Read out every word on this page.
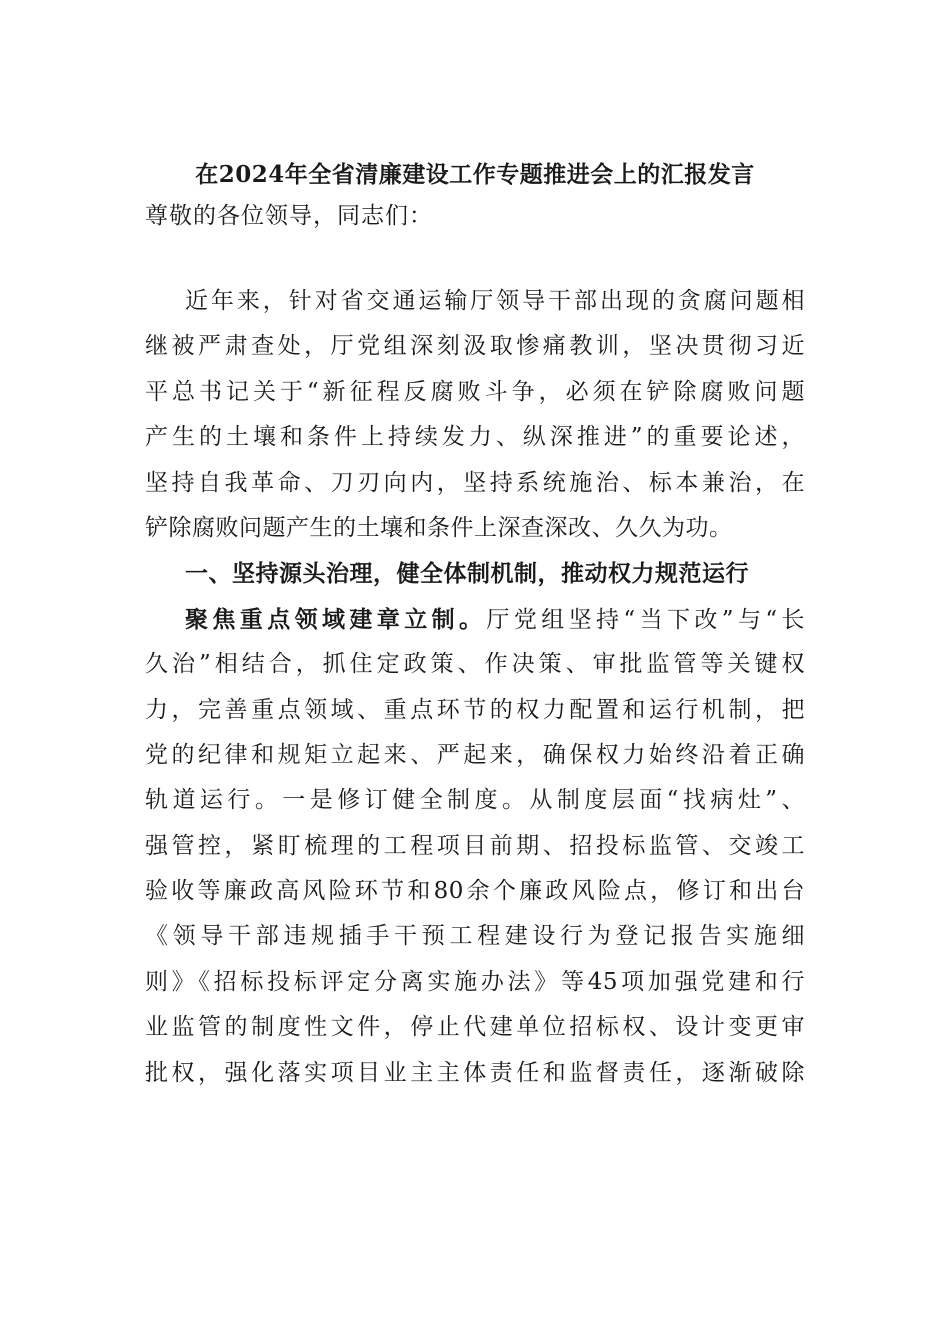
在2024年全省清廉建设工作专题推进会上的汇报发言

尊敬的各位领导，同志们：

近年来，针对省交通运输厅领导干部出现的贪腐问题相
继被严肃查处，厅党组深刻汲取惨痛教训，坚决贯彻习近
平总书记关于“新征程反腐败斗争，必须在铲除腐败问题
产生的土壤和条件上持续发力、纵深推进”的重要论述，
坚持自我革命、刀刃向内，坚持系统施治、标本兼治，在
铲除腐败问题产生的土壤和条件上深查深改、久久为功。
一、坚持源头治理，健全体制机制，推动权力规范运行
聚焦重点领域建章立制。厅党组坚持“当下改”与“长
久治”相结合，抓住定政策、作决策、审批监管等关键权
力，完善重点领域、重点环节的权力配置和运行机制，把
党的纪律和规矩立起来、严起来，确保权力始终沿着正确
轨道运行。一是修订健全制度。从制度层面“找病灶”、
强管控，紧盯梳理的工程项目前期、招投标监管、交竣工
验收等廉政高风险环节和80余个廉政风险点，修订和出台
《领导干部违规插手干预工程建设行为登记报告实施细
则》《招标投标评定分离实施办法》等45项加强党建和行
业监管的制度性文件，停止代建单位招标权、设计变更审
批权，强化落实项目业主主体责任和监督责任，逐渐破除
